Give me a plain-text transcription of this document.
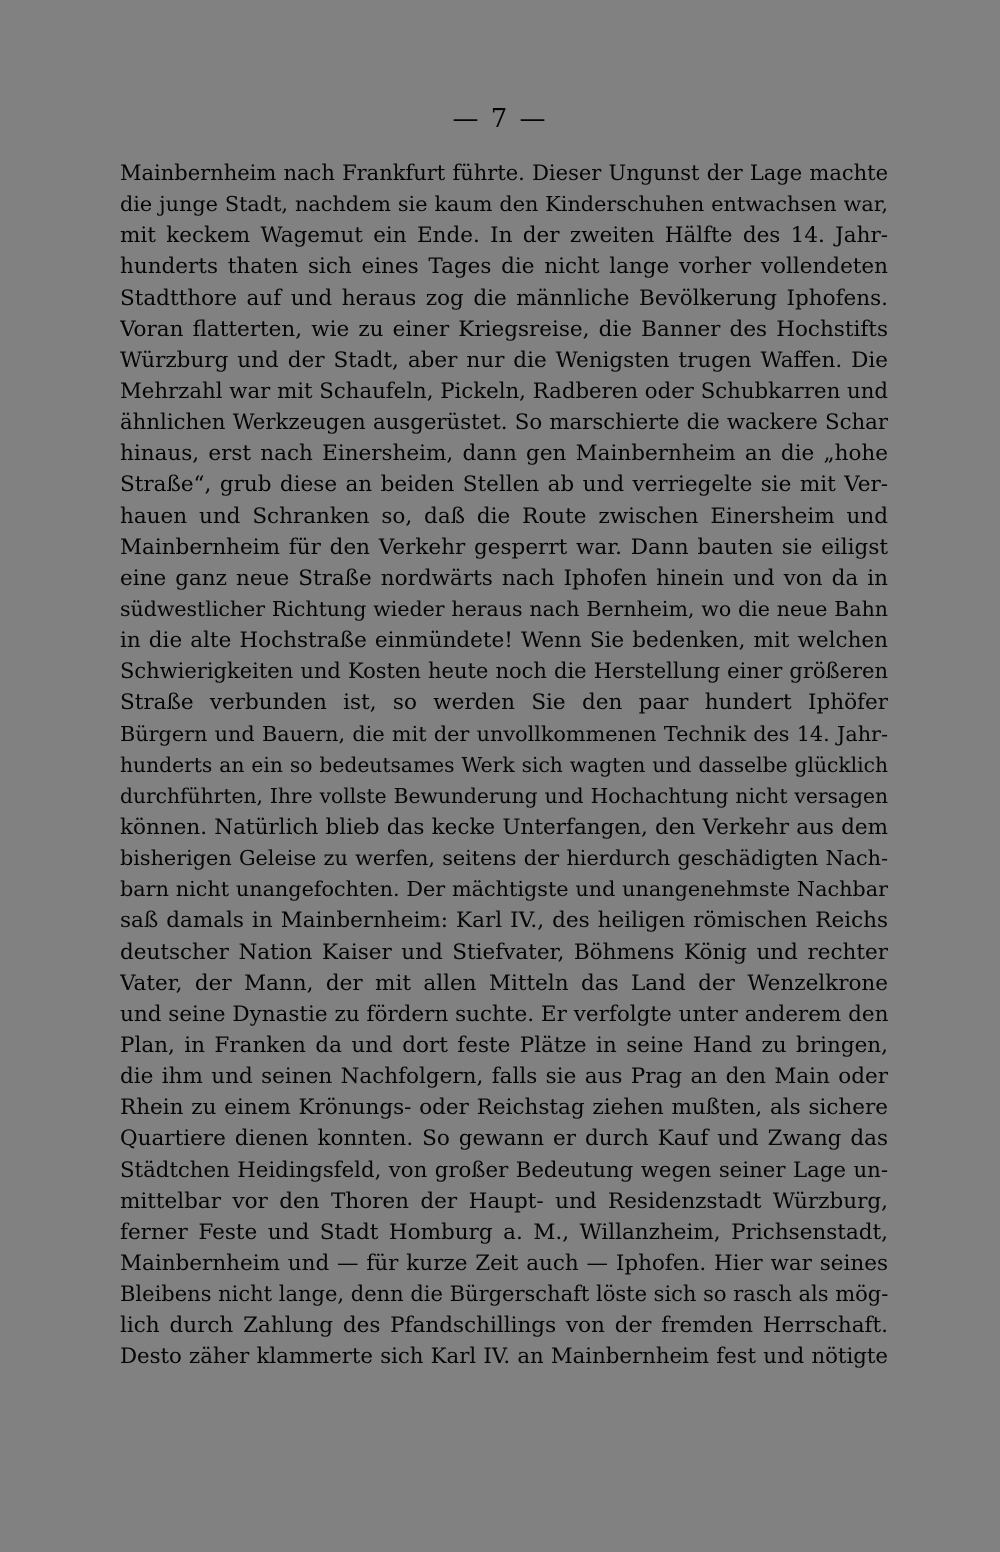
— 7 —
Mainbernheim nach Frankfurt führte. Dieser Ungunst der Lage machte
die junge Stadt, nachdem sie kaum den Kinderschuhen entwachsen war,
mit keckem Wagemut ein Ende. In der zweiten Hälfte des 14. Jahr-
hunderts thaten sich eines Tages die nicht lange vorher vollendeten
Stadtthore auf und heraus zog die männliche Bevölkerung Iphofens.
Voran flatterten, wie zu einer Kriegsreise, die Banner des Hochstifts
Würzburg und der Stadt, aber nur die Wenigsten trugen Waffen. Die
Mehrzahl war mit Schaufeln, Pickeln, Radberen oder Schubkarren und
ähnlichen Werkzeugen ausgerüstet. So marschierte die wackere Schar
hinaus, erst nach Einersheim, dann gen Mainbernheim an die „hohe
Straße“, grub diese an beiden Stellen ab und verriegelte sie mit Ver-
hauen und Schranken so, daß die Route zwischen Einersheim und
Mainbernheim für den Verkehr gesperrt war. Dann bauten sie eiligst
eine ganz neue Straße nordwärts nach Iphofen hinein und von da in
südwestlicher Richtung wieder heraus nach Bernheim, wo die neue Bahn
in die alte Hochstraße einmündete! Wenn Sie bedenken, mit welchen
Schwierigkeiten und Kosten heute noch die Herstellung einer größeren
Straße verbunden ist, so werden Sie den paar hundert Iphöfer
Bürgern und Bauern, die mit der unvollkommenen Technik des 14. Jahr-
hunderts an ein so bedeutsames Werk sich wagten und dasselbe glücklich
durchführten, Ihre vollste Bewunderung und Hochachtung nicht versagen
können. Natürlich blieb das kecke Unterfangen, den Verkehr aus dem
bisherigen Geleise zu werfen, seitens der hierdurch geschädigten Nach-
barn nicht unangefochten. Der mächtigste und unangenehmste Nachbar
saß damals in Mainbernheim: Karl IV., des heiligen römischen Reichs
deutscher Nation Kaiser und Stiefvater, Böhmens König und rechter
Vater, der Mann, der mit allen Mitteln das Land der Wenzelkrone
und seine Dynastie zu fördern suchte. Er verfolgte unter anderem den
Plan, in Franken da und dort feste Plätze in seine Hand zu bringen,
die ihm und seinen Nachfolgern, falls sie aus Prag an den Main oder
Rhein zu einem Krönungs- oder Reichstag ziehen mußten, als sichere
Quartiere dienen konnten. So gewann er durch Kauf und Zwang das
Städtchen Heidingsfeld, von großer Bedeutung wegen seiner Lage un-
mittelbar vor den Thoren der Haupt- und Residenzstadt Würzburg,
ferner Feste und Stadt Homburg a. M., Willanzheim, Prichsenstadt,
Mainbernheim und — für kurze Zeit auch — Iphofen. Hier war seines
Bleibens nicht lange, denn die Bürgerschaft löste sich so rasch als mög-
lich durch Zahlung des Pfandschillings von der fremden Herrschaft.
Desto zäher klammerte sich Karl IV. an Mainbernheim fest und nötigte
